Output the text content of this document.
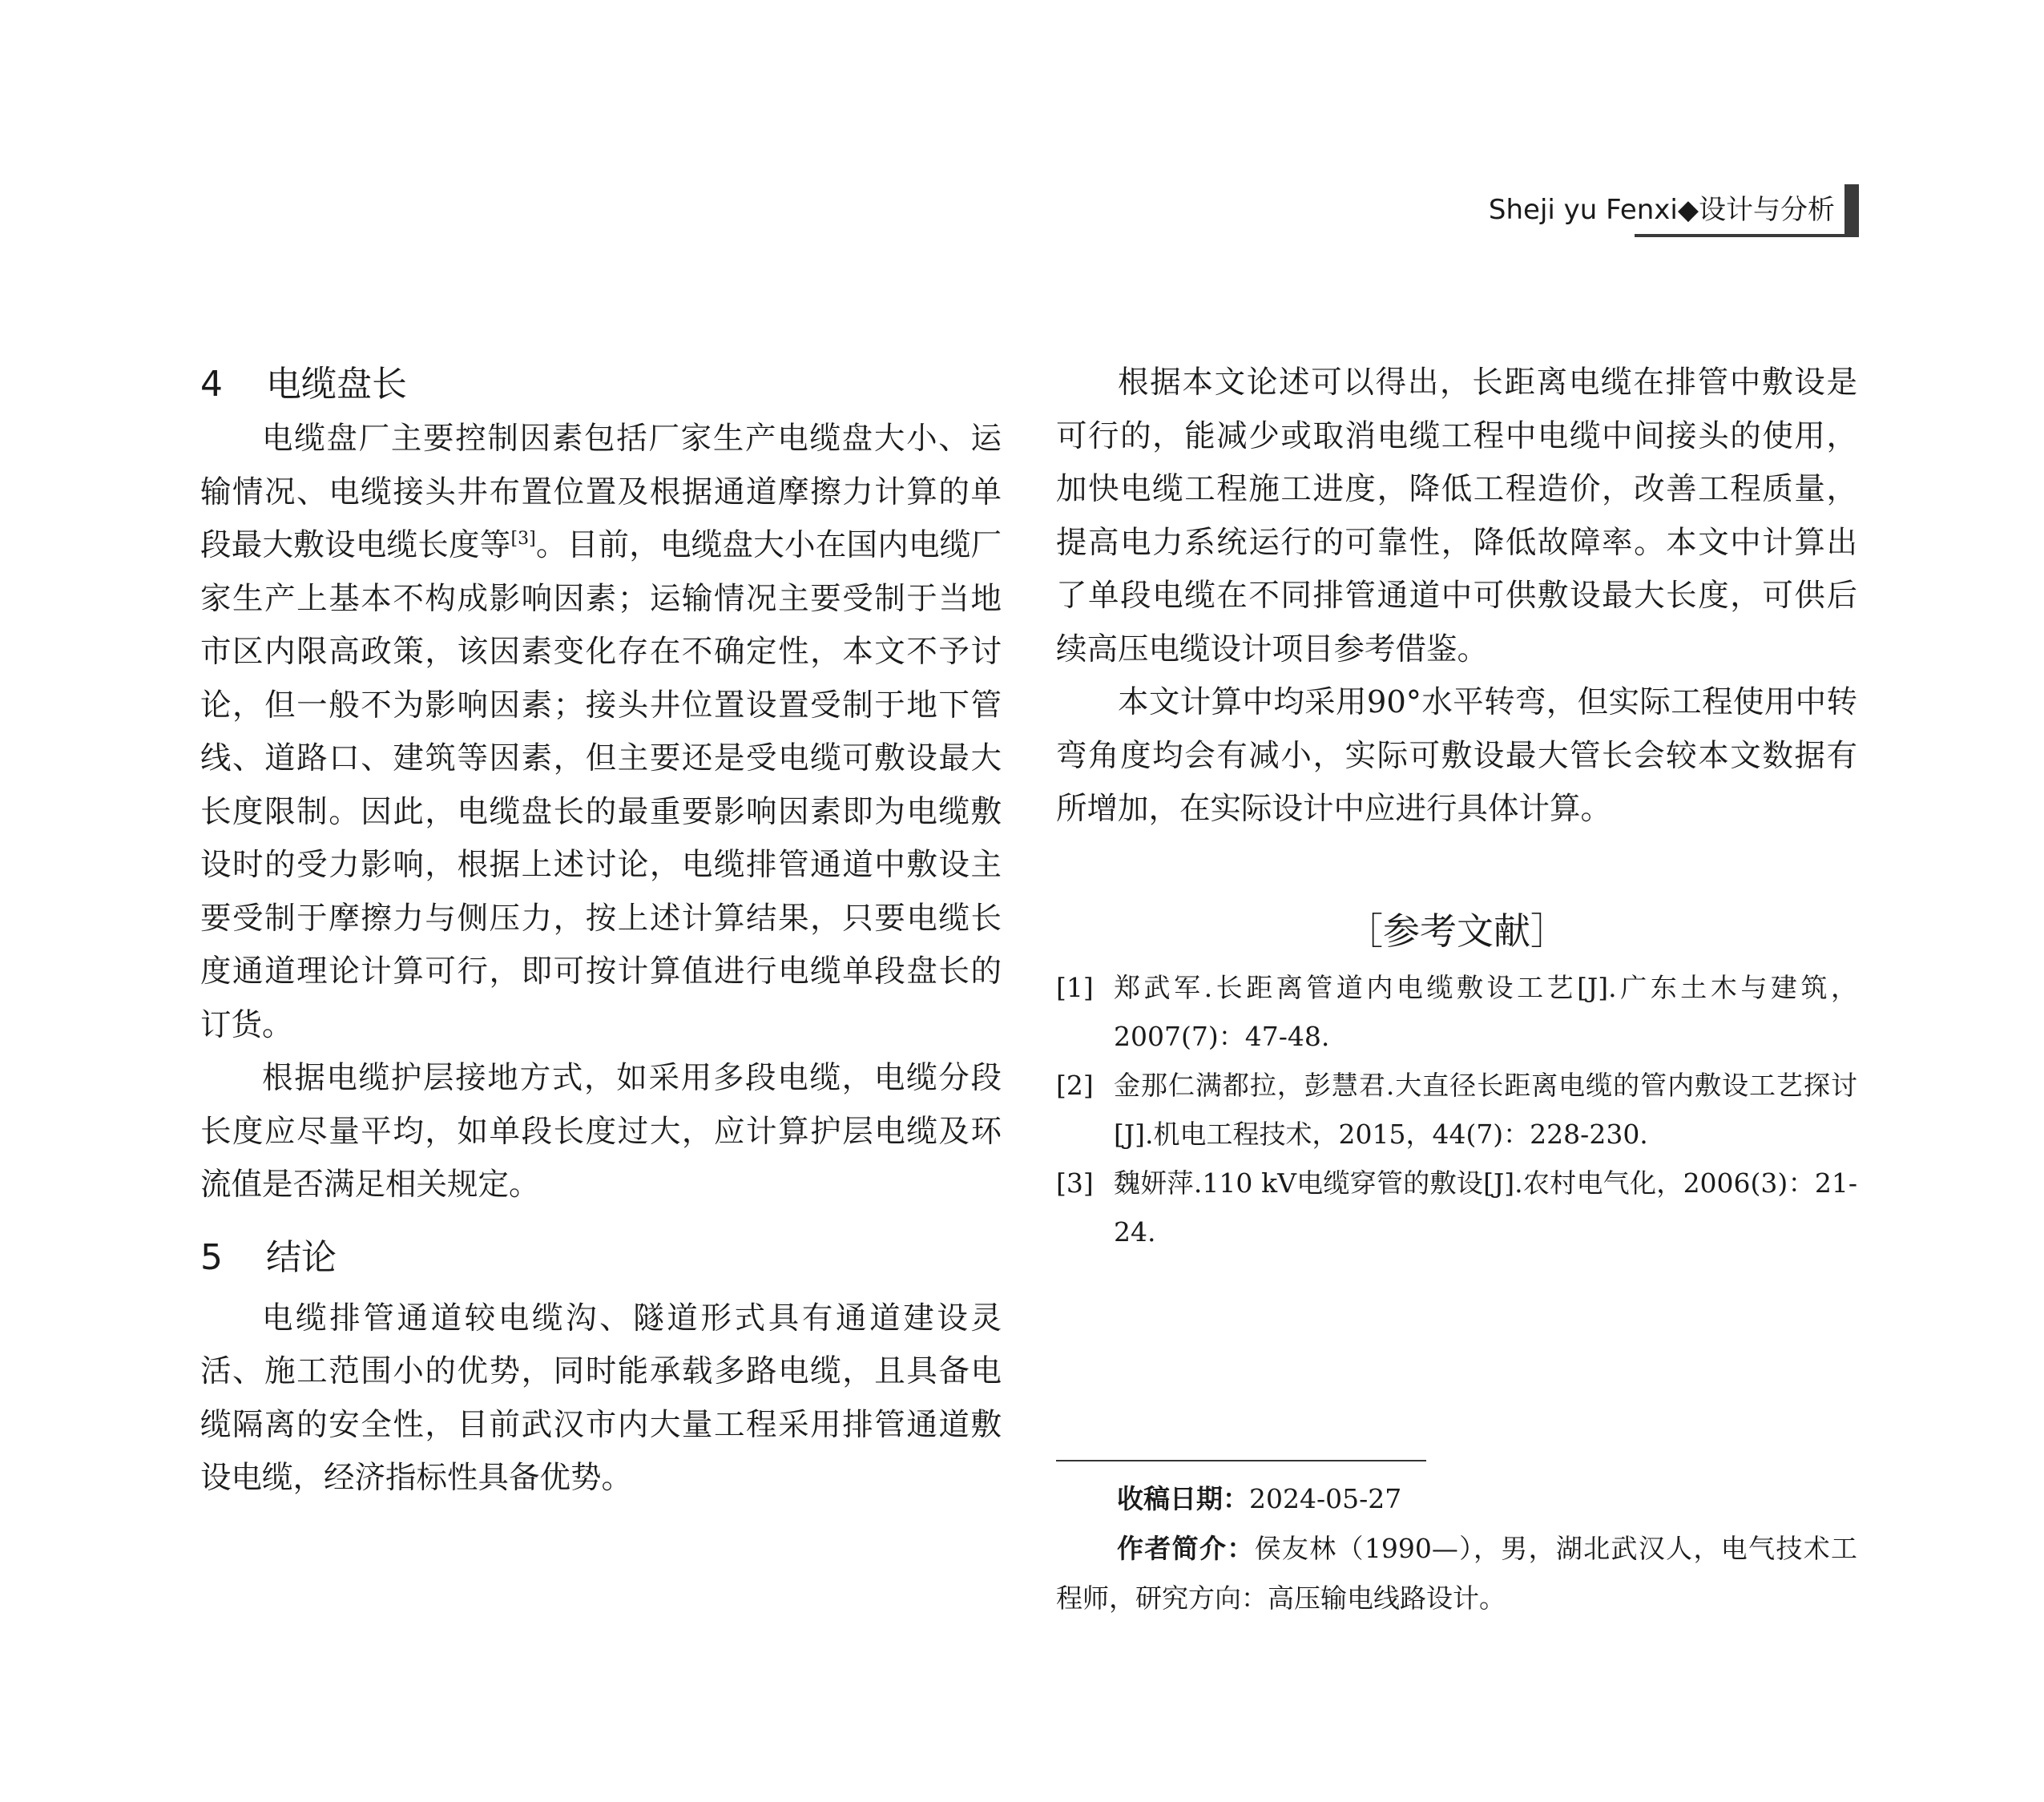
Sheji yu Fenxi◆设计与分析
4 电缆盘长

电缆盘厂主要控制因素包括厂家生产电缆盘大小、运输情况、电缆接头井布置位置及根据通道摩擦力计算的单段最大敷设电缆长度等[3]。目前，电缆盘大小在国内电缆厂家生产上基本不构成影响因素；运输情况主要受制于当地市区内限高政策，该因素变化存在不确定性，本文不予讨论，但一般不为影响因素；接头井位置设置受制于地下管线、道路口、建筑等因素，但主要还是受电缆可敷设最大长度限制。因此，电缆盘长的最重要影响因素即为电缆敷设时的受力影响，根据上述讨论，电缆排管通道中敷设主要受制于摩擦力与侧压力，按上述计算结果，只要电缆长度通道理论计算可行，即可按计算值进行电缆单段盘长的订货。

根据电缆护层接地方式，如采用多段电缆，电缆分段长度应尽量平均，如单段长度过大，应计算护层电缆及环流值是否满足相关规定。

5 结论

电缆排管通道较电缆沟、隧道形式具有通道建设灵活、施工范围小的优势，同时能承载多路电缆，且具备电缆隔离的安全性，目前武汉市内大量工程采用排管通道敷设电缆，经济指标性具备优势。

根据本文论述可以得出，长距离电缆在排管中敷设是可行的，能减少或取消电缆工程中电缆中间接头的使用，加快电缆工程施工进度，降低工程造价，改善工程质量，提高电力系统运行的可靠性，降低故障率。本文中计算出了单段电缆在不同排管通道中可供敷设最大长度，可供后续高压电缆设计项目参考借鉴。

本文计算中均采用90°水平转弯，但实际工程使用中转弯角度均会有减小，实际可敷设最大管长会较本文数据有所增加，在实际设计中应进行具体计算。

［参考文献］
[1] 郑武军.长距离管道内电缆敷设工艺[J].广东土木与建筑，2007(7)：47-48.
[2] 金那仁满都拉，彭慧君.大直径长距离电缆的管内敷设工艺探讨[J].机电工程技术，2015，44(7)：228-230.
[3] 魏妍萍.110 kV电缆穿管的敷设[J].农村电气化，2006(3)：21-24.
收稿日期：2024-05-27
作者简介：侯友林（1990—），男，湖北武汉人，电气技术工程师，研究方向：高压输电线路设计。
